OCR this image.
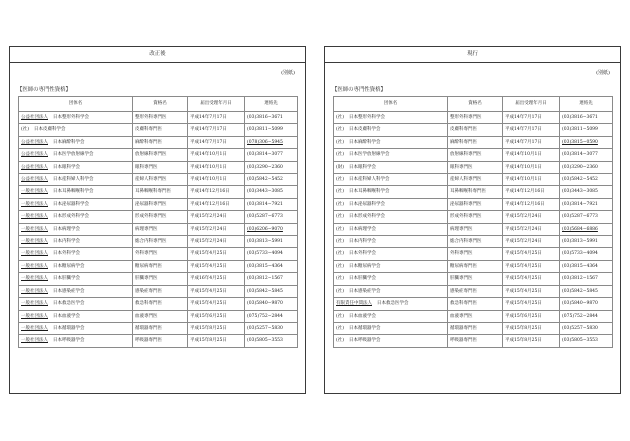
改正後
(別紙)
【医師の専門性資格】
団体名	資格名	届出受理年月日	連絡先
公益社団法人 日本整形外科学会	整形外科専門医	平成14年7月17日	(03)3816−3671
(社) 日本皮膚科学会	皮膚科専門医	平成14年7月17日	(03)3811−5099
公益社団法人 日本麻酔科学会	麻酔科専門医	平成14年7月17日	(078)306−5945
公益社団法人 日本医学放射線学会	放射線科専門医	平成14年10月1日	(03)3814−3077
公益社団法人 日本眼科学会	眼科専門医	平成14年10月1日	(03)3290−2360
公益社団法人 日本産科婦人科学会	産婦人科専門医	平成14年10月1日	(03)5842−5452
一般社団法人 日本耳鼻咽喉科学会	耳鼻咽喉科専門医	平成14年12月16日	(03)3443−3085
一般社団法人 日本泌尿器科学会	泌尿器科専門医	平成14年12月16日	(03)3814−7921
一般社団法人 日本形成外科学会	形成外科専門医	平成15年2月24日	(03)5287−6773
一般社団法人 日本病理学会	病理専門医	平成15年2月24日	(03)6206−9070
一般社団法人 日本内科学会	総合内科専門医	平成15年2月24日	(03)3813−5991
一般社団法人 日本外科学会	外科専門医	平成15年4月25日	(03)5733−4094
一般社団法人 日本糖尿病学会	糖尿病専門医	平成15年4月25日	(03)3815−4364
一般社団法人 日本肝臓学会	肝臓専門医	平成16年4月25日	(03)3812−1567
一般社団法人 日本感染症学会	感染症専門医	平成15年4月25日	(03)5842−5845
一般社団法人 日本救急医学会	救急科専門医	平成15年4月25日	(03)5840−9870
一般社団法人 日本血液学会	血液専門医	平成15年6月25日	(075)752−2844
一般社団法人 日本循環器学会	循環器専門医	平成15年8月25日	(03)5257−5830
一般社団法人 日本呼吸器学会	呼吸器専門医	平成15年8月25日	(03)5805−3553
現行
(別紙)
【医師の専門性資格】
団体名	資格名	届出受理年月日	連絡先
(社) 日本整形外科学会	整形外科専門医	平成14年7月17日	(03)3816−3671
(社) 日本皮膚科学会	皮膚科専門医	平成14年7月17日	(03)3811−5099
(社) 日本麻酔科学会	麻酔科専門医	平成14年7月17日	(03)3815−0590
(社) 日本医学放射線学会	放射線科専門医	平成14年10月1日	(03)3814−3077
(財) 日本眼科学会	眼科専門医	平成14年10月1日	(03)3290−2360
(社) 日本産科婦人科学会	産婦人科専門医	平成14年10月1日	(03)5842−5452
(社) 日本耳鼻咽喉科学会	耳鼻咽喉科専門医	平成14年12月16日	(03)3443−3085
(社) 日本泌尿器科学会	泌尿器科専門医	平成14年12月16日	(03)3814−7921
(社) 日本形成外科学会	形成外科専門医	平成15年2月24日	(03)5287−6773
(社) 日本病理学会	病理専門医	平成15年2月24日	(03)5684−6886
(社) 日本内科学会	総合内科専門医	平成15年2月24日	(03)3813−5991
(社) 日本外科学会	外科専門医	平成15年4月25日	(03)5733−4094
(社) 日本糖尿病学会	糖尿病専門医	平成15年4月25日	(03)3815−4364
(社) 日本肝臓学会	肝臓専門医	平成15年4月25日	(03)3812−1567
(社) 日本感染症学会	感染症専門医	平成15年4月25日	(03)5842−5845
有限責任中間法人 日本救急医学会	救急科専門医	平成15年4月25日	(03)5840−9870
(社) 日本血液学会	血液専門医	平成15年6月25日	(075)752−2844
(社) 日本循環器学会	循環器専門医	平成15年8月25日	(03)5257−5830
(社) 日本呼吸器学会	呼吸器専門医	平成15年8月25日	(03)5805−3553
